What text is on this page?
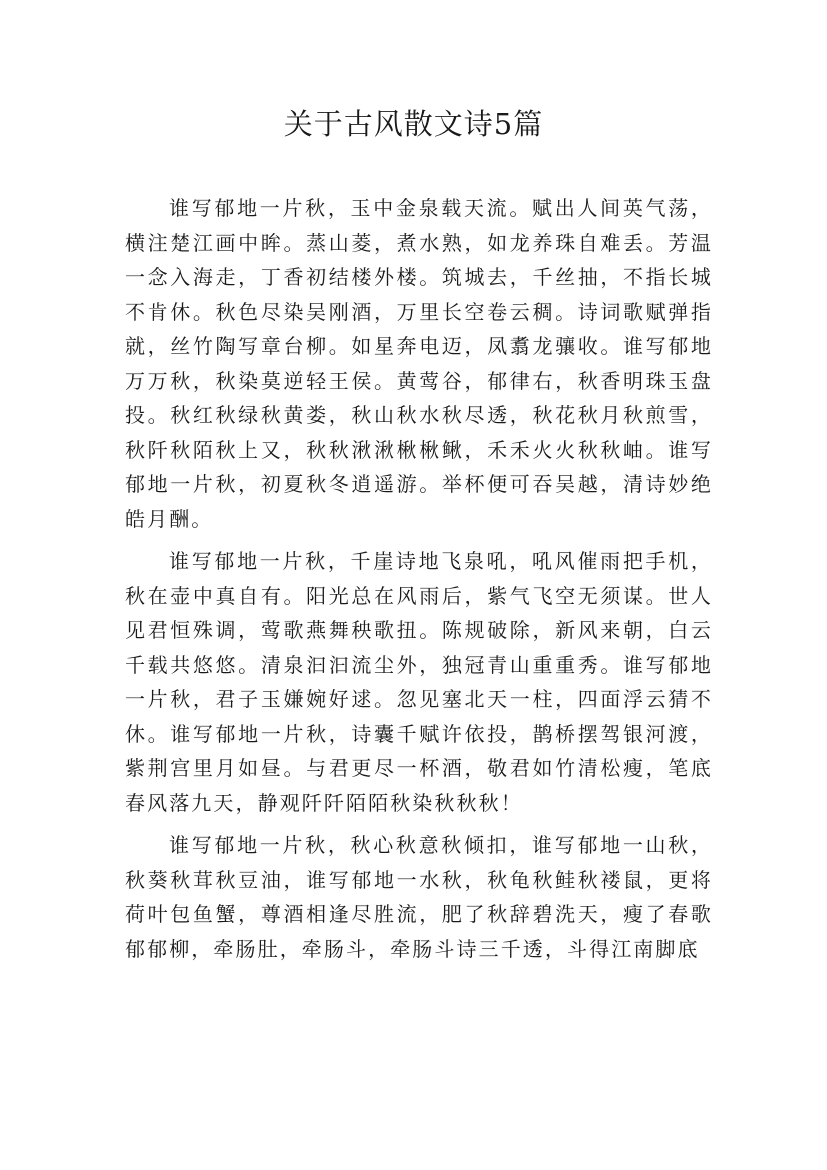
关于古风散文诗5篇

谁写郁地一片秋，玉中金泉载天流。赋出人间英气荡，横注楚江画中眸。蒸山菱，煮水熟，如龙养珠自难丢。芳温一念入海走，丁香初结楼外楼。筑城去，千丝抽，不指长城不肯休。秋色尽染吴刚酒，万里长空卷云稠。诗词歌赋弹指就，丝竹陶写章台柳。如星奔电迈，凤翥龙骧收。谁写郁地万万秋，秋染莫逆轻王侯。黄莺谷，郁律右，秋香明珠玉盘投。秋红秋绿秋黄娄，秋山秋水秋尽透，秋花秋月秋煎雪，秋阡秋陌秋上又，秋秋湫湫楸楸鳅，禾禾火火秋秋岫。谁写郁地一片秋，初夏秋冬逍遥游。举杯便可吞吴越，清诗妙绝皓月酬。

谁写郁地一片秋，千崖诗地飞泉吼，吼风催雨把手机，秋在壶中真自有。阳光总在风雨后，紫气飞空无须谋。世人见君恒殊调，莺歌燕舞秧歌扭。陈规破除，新风来朝，白云千载共悠悠。清泉汩汩流尘外，独冠青山重重秀。谁写郁地一片秋，君子玉嫌婉好逑。忽见塞北天一柱，四面浮云猜不休。谁写郁地一片秋，诗囊千赋许依投，鹊桥摆驾银河渡，紫荆宫里月如昼。与君更尽一杯酒，敬君如竹清松瘦，笔底春风落九天，静观阡阡陌陌秋染秋秋秋！

谁写郁地一片秋，秋心秋意秋倾扣，谁写郁地一山秋，秋葵秋茸秋豆油，谁写郁地一水秋，秋龟秋鲑秋褛鼠，更将荷叶包鱼蟹，尊酒相逢尽胜流，肥了秋辞碧洗天，瘦了春歌郁郁柳，牵肠肚，牵肠斗，牵肠斗诗三千透，斗得江南脚底
